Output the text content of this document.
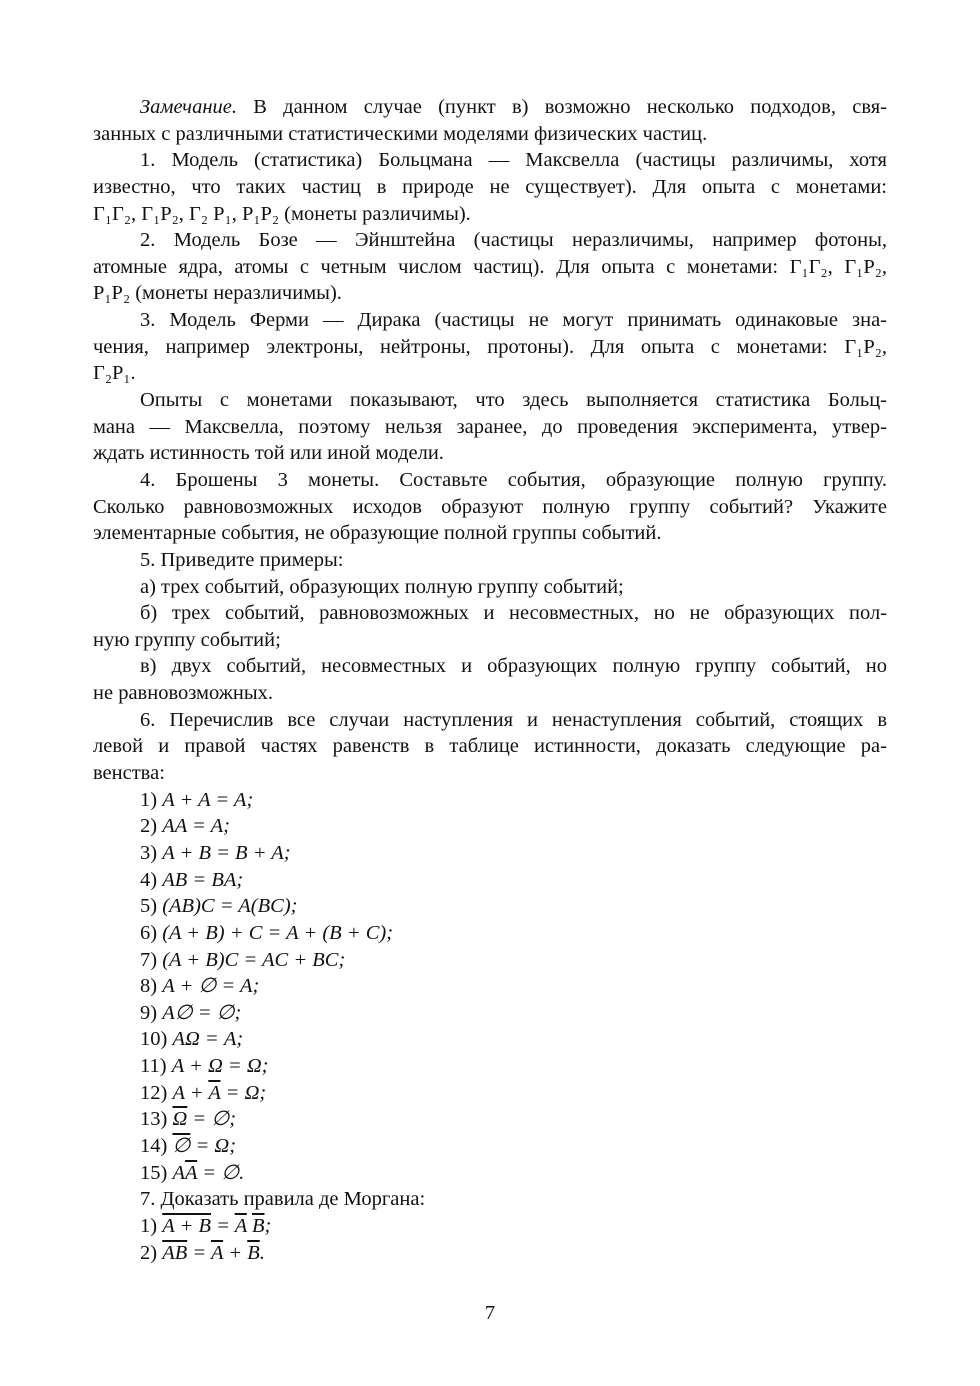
Замечание. В данном случае (пункт в) возможно несколько подходов, свя-
занных с различными статистическими моделями физических частиц.
1. Модель (статистика) Больцмана — Максвелла (частицы различимы, хотя
известно, что таких частиц в природе не существует). Для опыта с монетами:
Г₁Г₂, Г₁Р₂, Г₂ Р₁, Р₁Р₂ (монеты различимы).
2. Модель Бозе — Эйнштейна (частицы неразличимы, например фотоны,
атомные ядра, атомы с четным числом частиц). Для опыта с монетами: Г₁Г₂, Г₁Р₂,
Р₁Р₂ (монеты неразличимы).
3. Модель Ферми — Дирака (частицы не могут принимать одинаковые зна-
чения, например электроны, нейтроны, протоны). Для опыта с монетами: Г₁Р₂,
Г₂Р₁.
Опыты с монетами показывают, что здесь выполняется статистика Больц-
мана — Максвелла, поэтому нельзя заранее, до проведения эксперимента, утвер-
ждать истинность той или иной модели.
4. Брошены 3 монеты. Составьте события, образующие полную группу.
Сколько равновозможных исходов образуют полную группу событий? Укажите
элементарные события, не образующие полной группы событий.
5. Приведите примеры:
а) трех событий, образующих полную группу событий;
б) трех событий, равновозможных и несовместных, но не образующих пол-
ную группу событий;
в) двух событий, несовместных и образующих полную группу событий, но
не равновозможных.
6. Перечислив все случаи наступления и ненаступления событий, стоящих в
левой и правой частях равенств в таблице истинности, доказать следующие ра-
венства:
1) A + A = A;
2) AA = A;
3) A + B = B + A;
4) AB = BA;
5) (AB)C = A(BC);
6) (A + B) + C = A + (B + C);
7) (A + B)C = AC + BC;
8) A + ∅ = A;
9) A∅ = ∅;
10) AΩ = A;
11) A + Ω = Ω;
12) $A + \overline{A} = \Omega$;
13) $\overline{\Omega}$ = ∅;
14) ∅ = Ω;
15) $A\overline{A}$ = ∅.
7. Доказать правила де Моргана:
1) $A + B = \overline{A}$ $\overline{B}$;
2) $\overline{AB} = \overline{A} + \overline{B}$.
7
